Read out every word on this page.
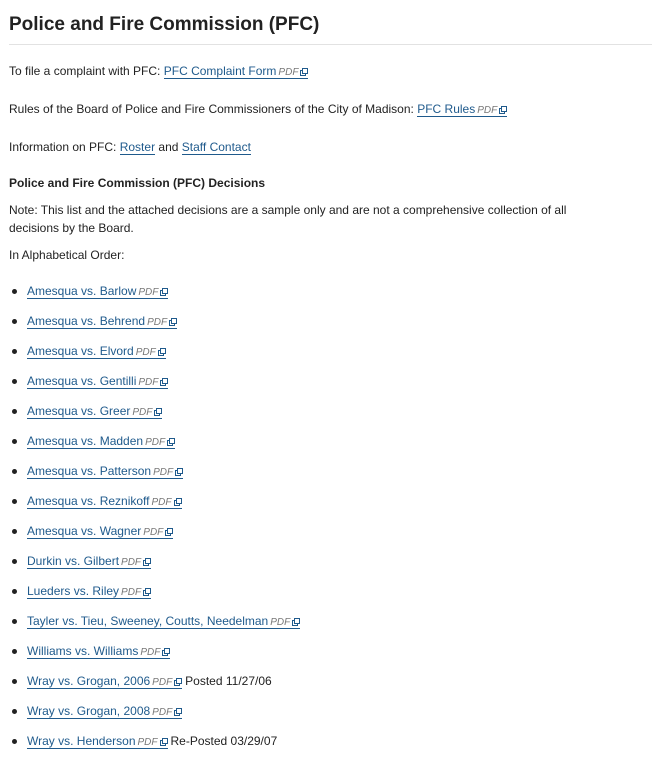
Police and Fire Commission (PFC)

To file a complaint with PFC: PFC Complaint Form PDF

Rules of the Board of Police and Fire Commissioners of the City of Madison: PFC Rules PDF

Information on PFC: Roster and Staff Contact

Police and Fire Commission (PFC) Decisions

Note: This list and the attached decisions are a sample only and are not a comprehensive collection of all decisions by the Board.

In Alphabetical Order:

Amesqua vs. Barlow PDF
Amesqua vs. Behrend PDF
Amesqua vs. Elvord PDF
Amesqua vs. Gentilli PDF
Amesqua vs. Greer PDF
Amesqua vs. Madden PDF
Amesqua vs. Patterson PDF
Amesqua vs. Reznikoff PDF
Amesqua vs. Wagner PDF
Durkin vs. Gilbert PDF
Lueders vs. Riley PDF
Tayler vs. Tieu, Sweeney, Coutts, Needelman PDF
Williams vs. Williams PDF
Wray vs. Grogan, 2006 PDF Posted 11/27/06
Wray vs. Grogan, 2008 PDF
Wray vs. Henderson PDF Re-Posted 03/29/07
